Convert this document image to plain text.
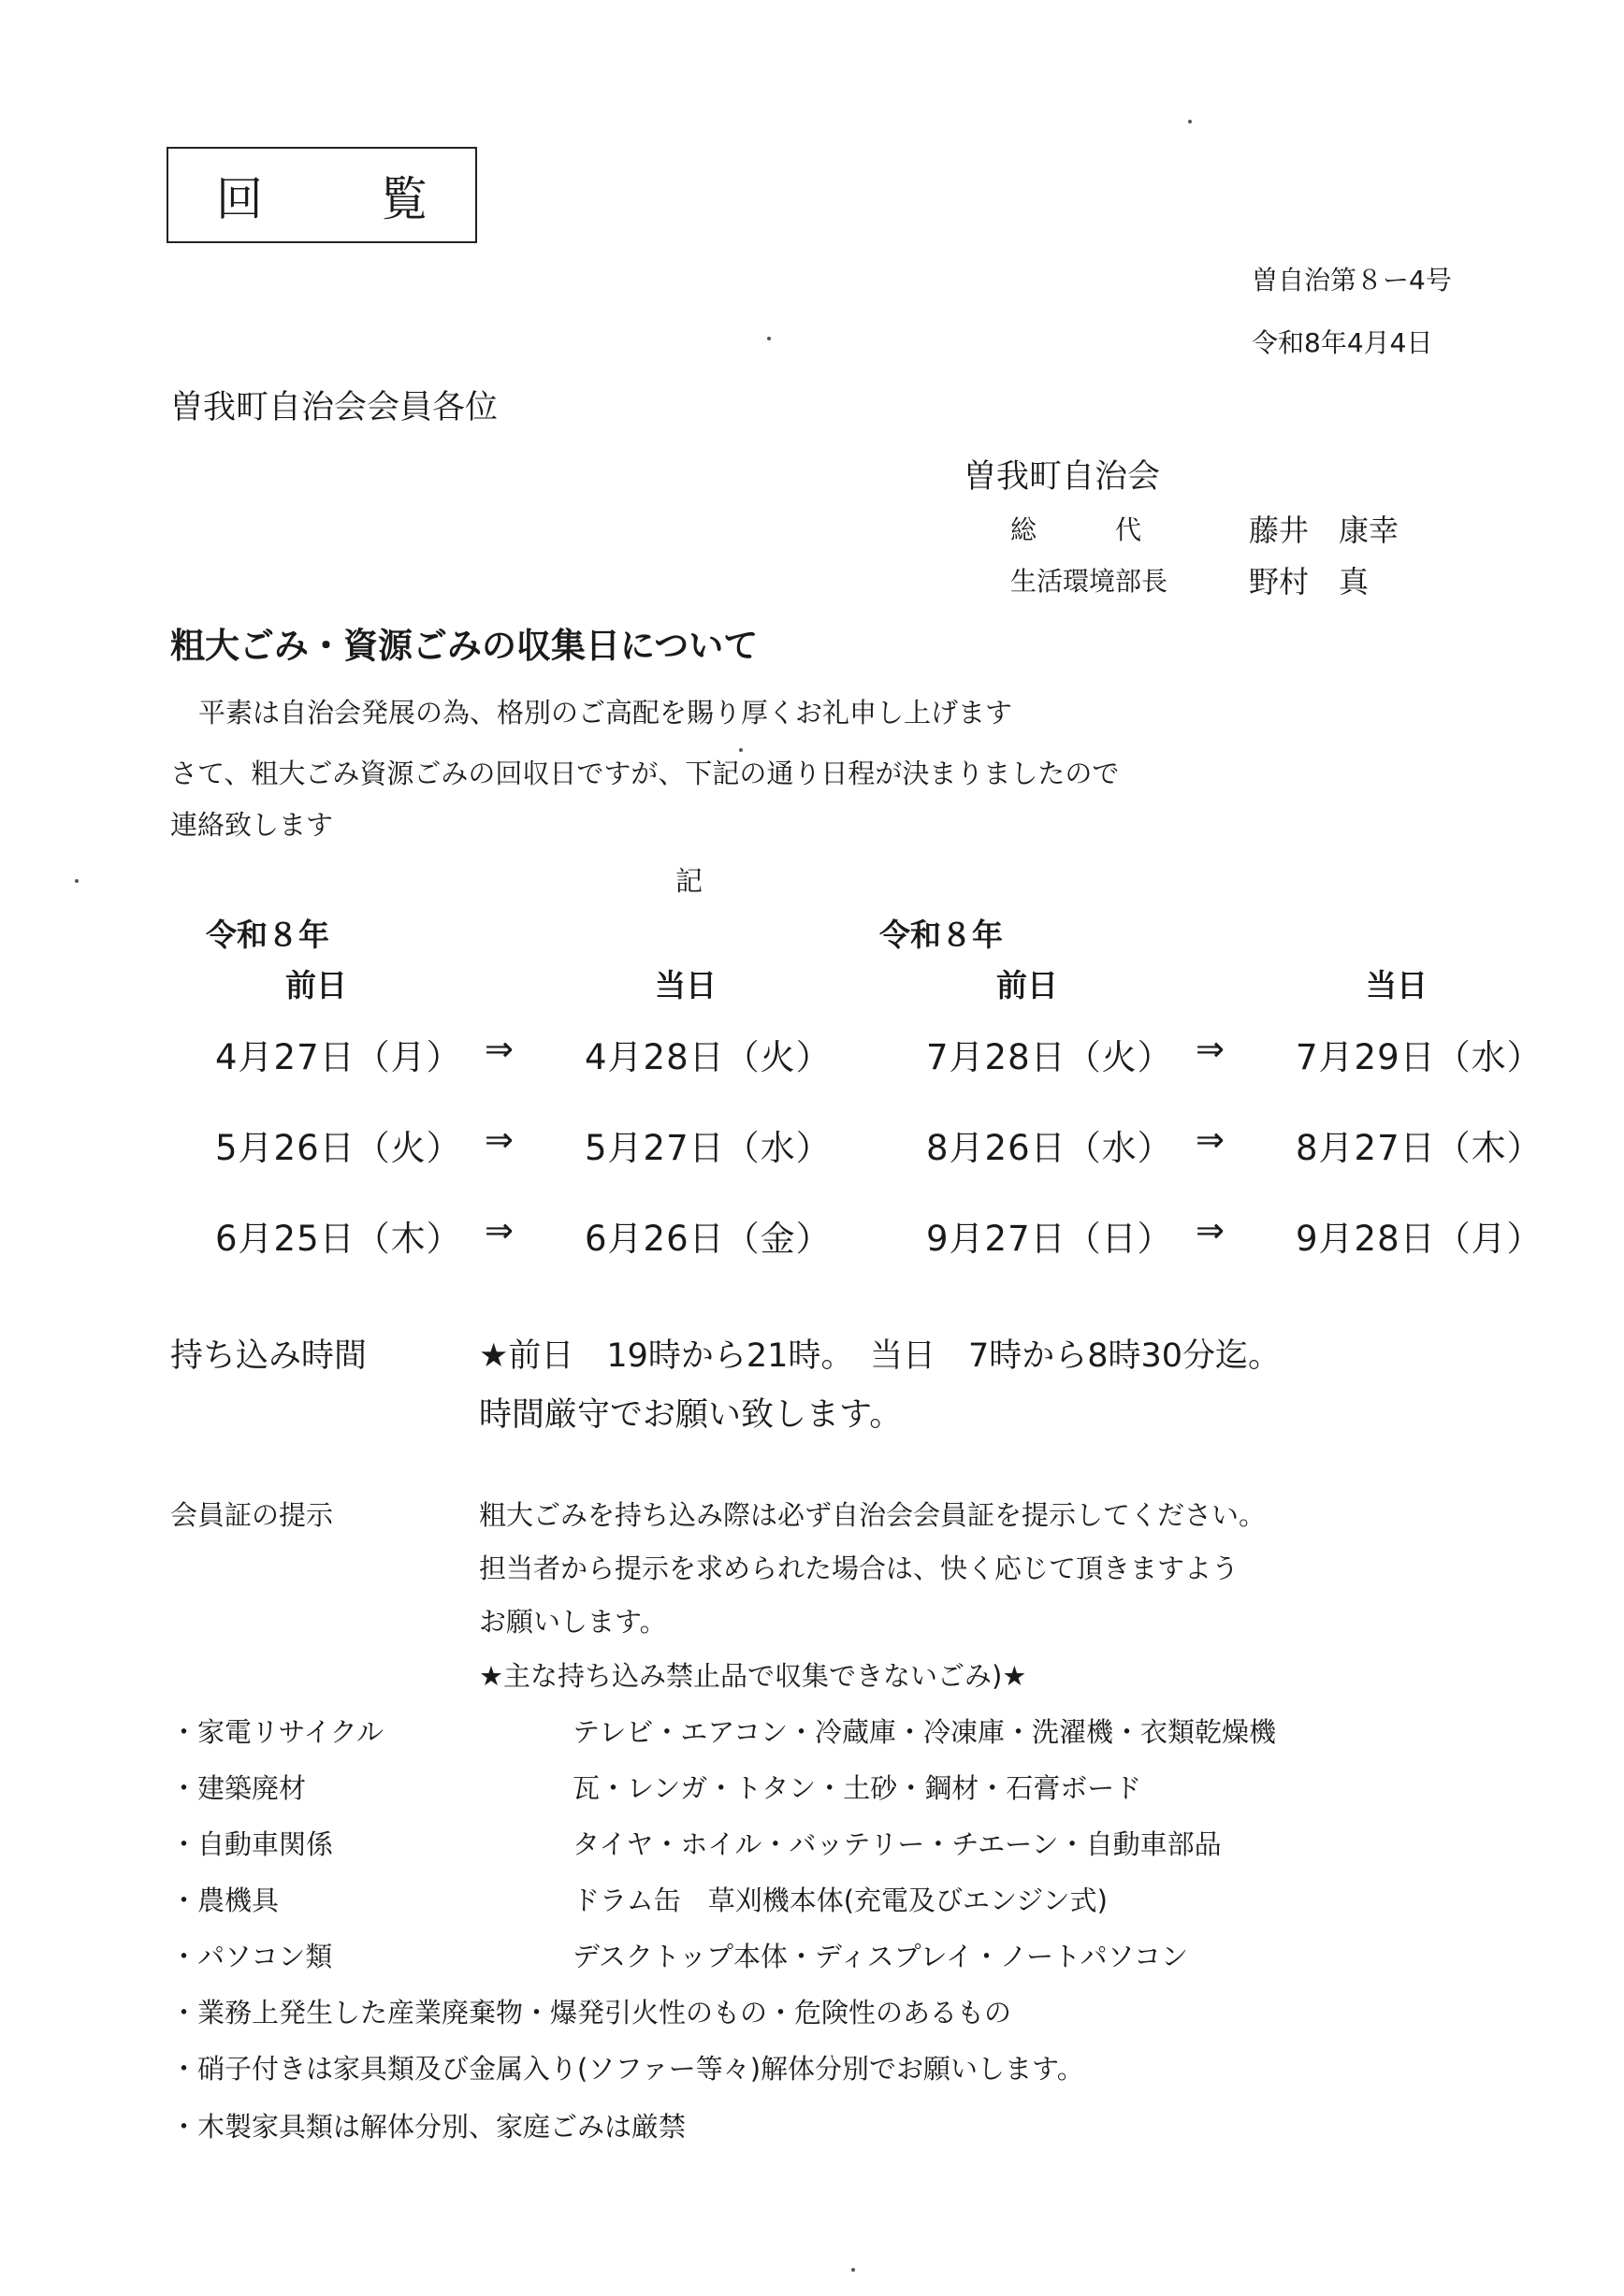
回　覧
曽自治第８ー4号
令和8年4月4日
曽我町自治会会員各位
曽我町自治会
総　　　代	藤井　康幸
生活環境部長	野村　真
粗大ごみ・資源ごみの収集日について
平素は自治会発展の為、格別のご高配を賜り厚くお礼申し上げます
さて、粗大ごみ資源ごみの回収日ですが、下記の通り日程が決まりましたので
連絡致します
記
令和８年	令和８年
前日	当日	前日	当日
4月27日（月） ⇒ 4月28日（火）	7月28日（火） ⇒ 7月29日（水）
5月26日（火） ⇒ 5月27日（水）	8月26日（水） ⇒ 8月27日（木）
6月25日（木） ⇒ 6月26日（金）	9月27日（日） ⇒ 9月28日（月）
持ち込み時間	★前日　19時から21時。　当日　7時から8時30分迄。
時間厳守でお願い致します。
会員証の提示	粗大ごみを持ち込み際は必ず自治会会員証を提示してください。
担当者から提示を求められた場合は、快く応じて頂きますよう
お願いします。
★主な持ち込み禁止品で収集できないごみ)★
・家電リサイクル	テレビ・エアコン・冷蔵庫・冷凍庫・洗濯機・衣類乾燥機
・建築廃材	瓦・レンガ・トタン・土砂・鋼材・石膏ボード
・自動車関係	タイヤ・ホイル・バッテリー・チエーン・自動車部品
・農機具	ドラム缶　草刈機本体(充電及びエンジン式)
・パソコン類	デスクトップ本体・ディスプレイ・ノートパソコン
・業務上発生した産業廃棄物・爆発引火性のもの・危険性のあるもの
・硝子付きは家具類及び金属入り(ソファー等々)解体分別でお願いします。
・木製家具類は解体分別、家庭ごみは厳禁
